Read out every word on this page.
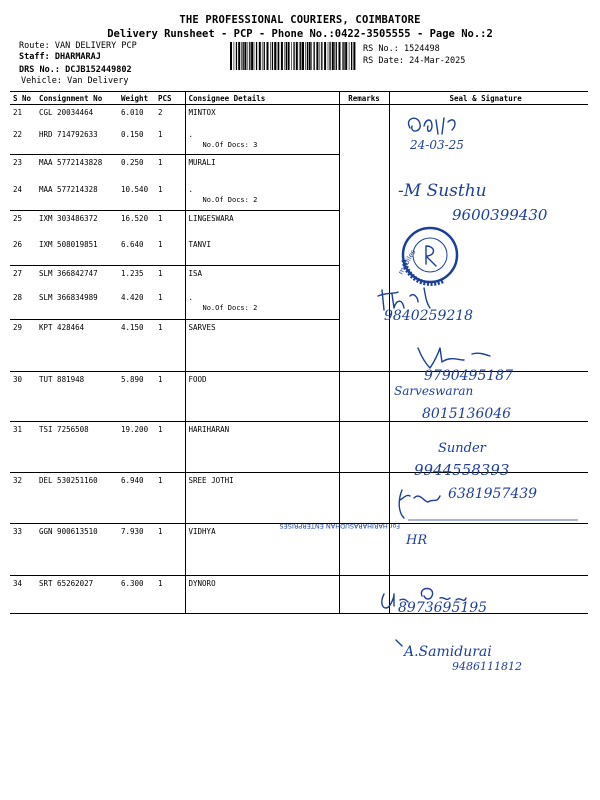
THE PROFESSIONAL COURIERS, COIMBATORE
Delivery Runsheet - PCP - Phone No.:0422-3505555 - Page No.:2
Route: VAN DELIVERY PCP
Staff: DHARMARAJ
DRS No.: DCJB152449802
Vehicle: Van Delivery
RS No.: 1524498
RS Date: 24-Mar-2025
S No	Consignment No	Weight	PCS	Consignee Details	Remarks	Seal & Signature
21	CGL 20034464	6.010	2	MINTOX		
22	HRD 714792633	0.150	1	.
No.Of Docs: 3		

23	MAA 5772143828	0.250	1	MURALI		
24	MAA 577214328	10.540	1	.
No.Of Docs: 2		

25	IXM 303486372	16.520	1	LINGESWARA		
26	IXM 508019851	6.640	1	TANVI		
27	SLM 366842747	1.235	1	ISA		
28	SLM 366834989	4.420	1	.
No.Of Docs: 2		

29	KPT 428464	4.150	1	SARVES		
30	TUT 881948	5.890	1	FOOD		
31	TSI 7256508	19.200	1	HARIHARAN		
32	DEL 530251160	6.940	1	SREE JOTHI		
33	GGN 900613510	7.930	1	VIDHYA		
34	SRT 65262027	6.300	1	DYNORO		
24-03-25
-M Susthu
9600399430
mobiles
9840259218
9790495187
Sarveswaran
8015136046
Sunder
9944558393
6381957439
For HARIHARASUDHAN ENTERPRISES
HR
8973695195
A.Samidurai
9486111812
